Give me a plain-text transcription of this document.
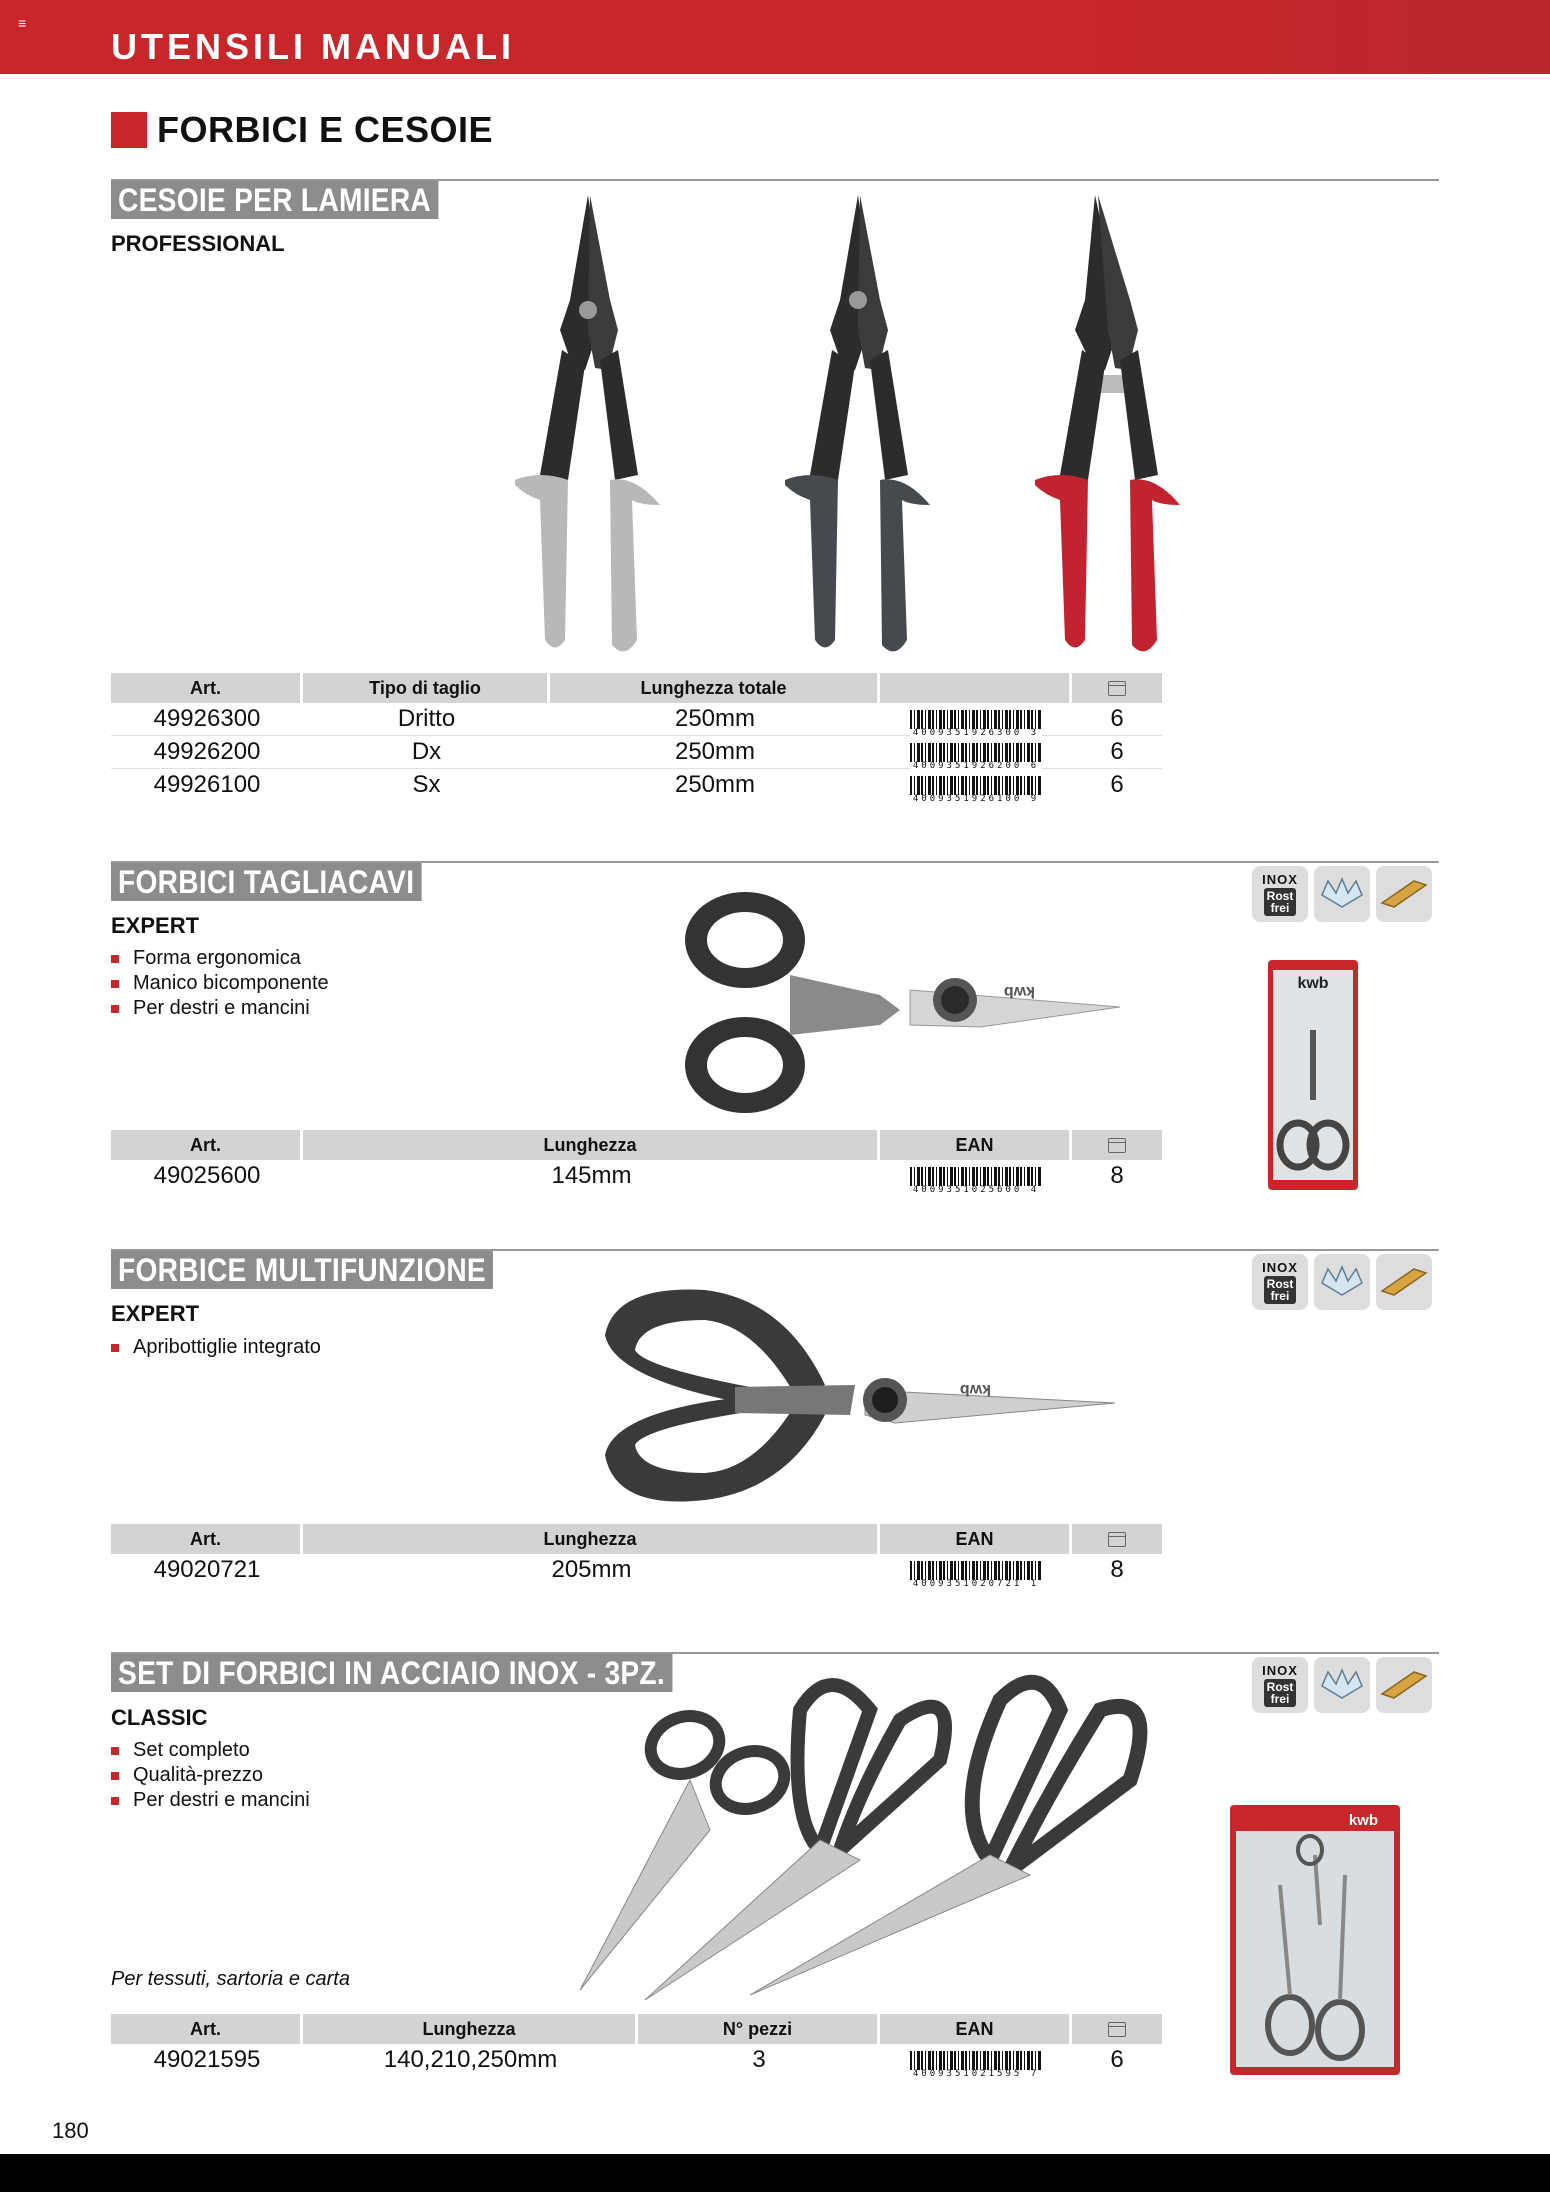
≡
UTENSILI MANUALI
FORBICI E CESOIE
CESOIE PER LAMIERA
PROFESSIONAL
Art.	Tipo di taglio	Lunghezza totale		
49926300	Dritto	250mm	4009351926300 3	6
49926200	Dx	250mm	4009351926200 6	6
49926100	Sx	250mm	4009351926100 9	6
FORBICI TAGLIACAVI	INOX
Rost
frei
EXPERT
Forma ergonomica
Manico bicomponente
Per destri e mancini
kwb	kwb
Art.	Lunghezza	EAN	
49025600	145mm	4009351025600 4	8
FORBICE MULTIFUNZIONE	INOX
Rost
frei
EXPERT
Apribottiglie integrato
kwb
Art.	Lunghezza	EAN	
49020721	205mm	4009351020721 1	8
SET DI FORBICI IN ACCIAIO INOX - 3PZ.	INOX
Rost
frei
CLASSIC
Set completo
Qualità-prezzo
Per destri e mancini
Per tessuti, sartoria e carta
kwb
Art.	Lunghezza	N° pezzi	EAN	
49021595	140,210,250mm	3	4009351021595 7	6
180
